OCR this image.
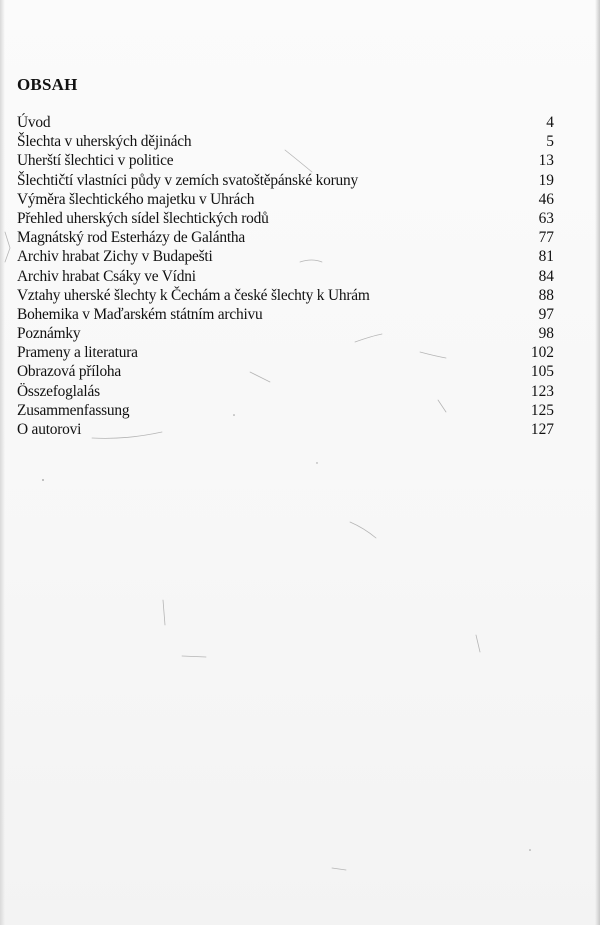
OBSAH
Úvod	4
Šlechta v uherských dějinách	5
Uherští šlechtici v politice	13
Šlechtičtí vlastníci půdy v zemích svatoštěpánské koruny	19
Výměra šlechtického majetku v Uhrách	46
Přehled uherských sídel šlechtických rodů	63
Magnátský rod Esterházy de Galántha	77
Archiv hrabat Zichy v Budapešti	81
Archiv hrabat Csáky ve Vídni	84
Vztahy uherské šlechty k Čechám a české šlechty k Uhrám	88
Bohemika v Maďarském státním archivu	97
Poznámky	98
Prameny a literatura	102
Obrazová příloha	105
Összefoglalás	123
Zusammenfassung	125
O autorovi	127
